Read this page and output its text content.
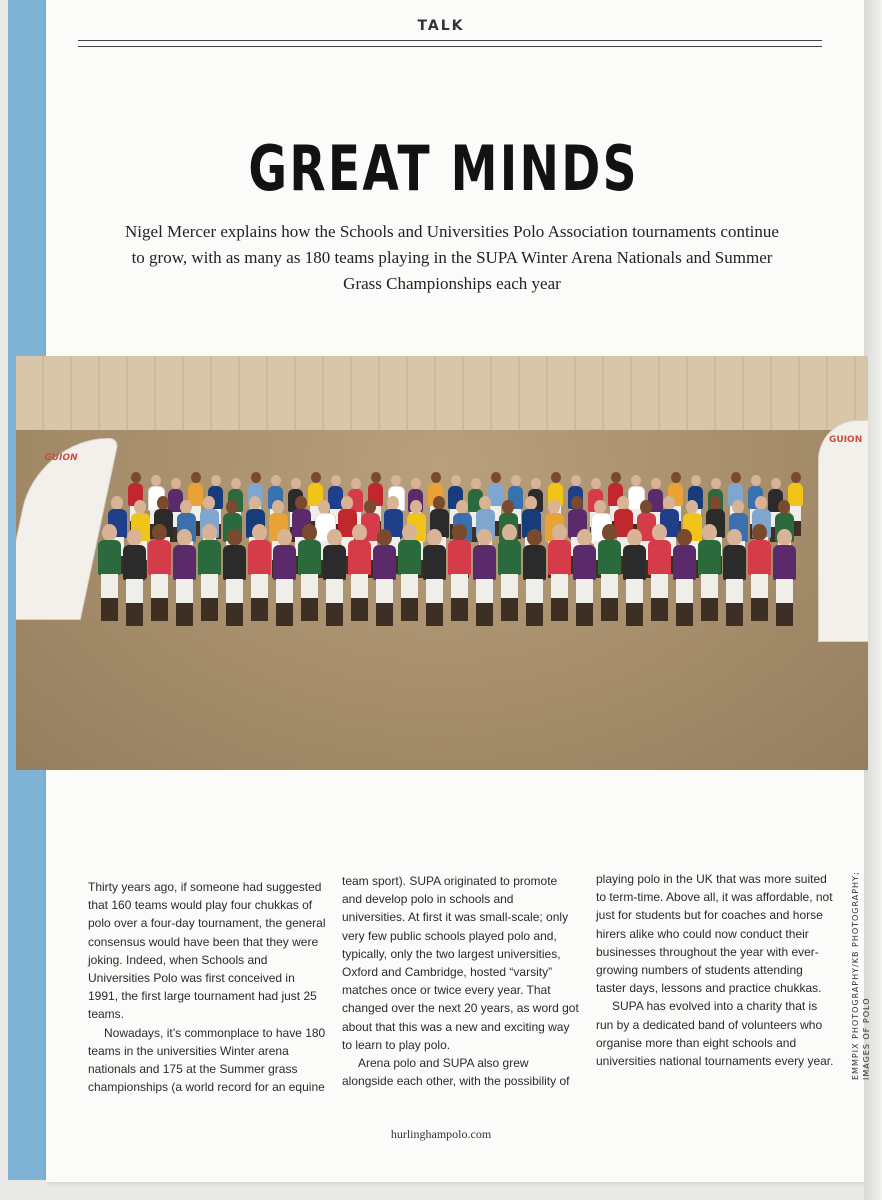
TALK
GREAT MINDS
Nigel Mercer explains how the Schools and Universities Polo Association tournaments continue to grow, with as many as 180 teams playing in the SUPA Winter Arena Nationals and Summer Grass Championships each year
GUION
GUION

Thirty years ago, if someone had suggested that 160 teams would play four chukkas of polo over a four-day tournament, the general consensus would have been that they were joking. Indeed, when Schools and Universities Polo was first conceived in 1991, the first large tournament had just 25 teams.

Nowadays, it’s commonplace to have 180 teams in the universities Winter arena nationals and 175 at the Summer grass championships (a world record for an equine

team sport). SUPA originated to promote and develop polo in schools and universities. At first it was small-scale; only very few public schools played polo and, typically, only the two largest universities, Oxford and Cambridge, hosted “varsity” matches once or twice every year. That changed over the next 20 years, as word got about that this was a new and exciting way to learn to play polo.

Arena polo and SUPA also grew alongside each other, with the possibility of

playing polo in the UK that was more suited to term-time. Above all, it was affordable, not just for students but for coaches and horse hirers alike who could now conduct their businesses throughout the year with ever-growing numbers of students attending taster days, lessons and practice chukkas.

SUPA has evolved into a charity that is run by a dedicated band of volunteers who organise more than eight schools and universities national tournaments every year. EMMPIX PHOTOGRAPHY/KB PHOTOGRAPHY; IMAGES OF POLO
hurlinghampolo.com
